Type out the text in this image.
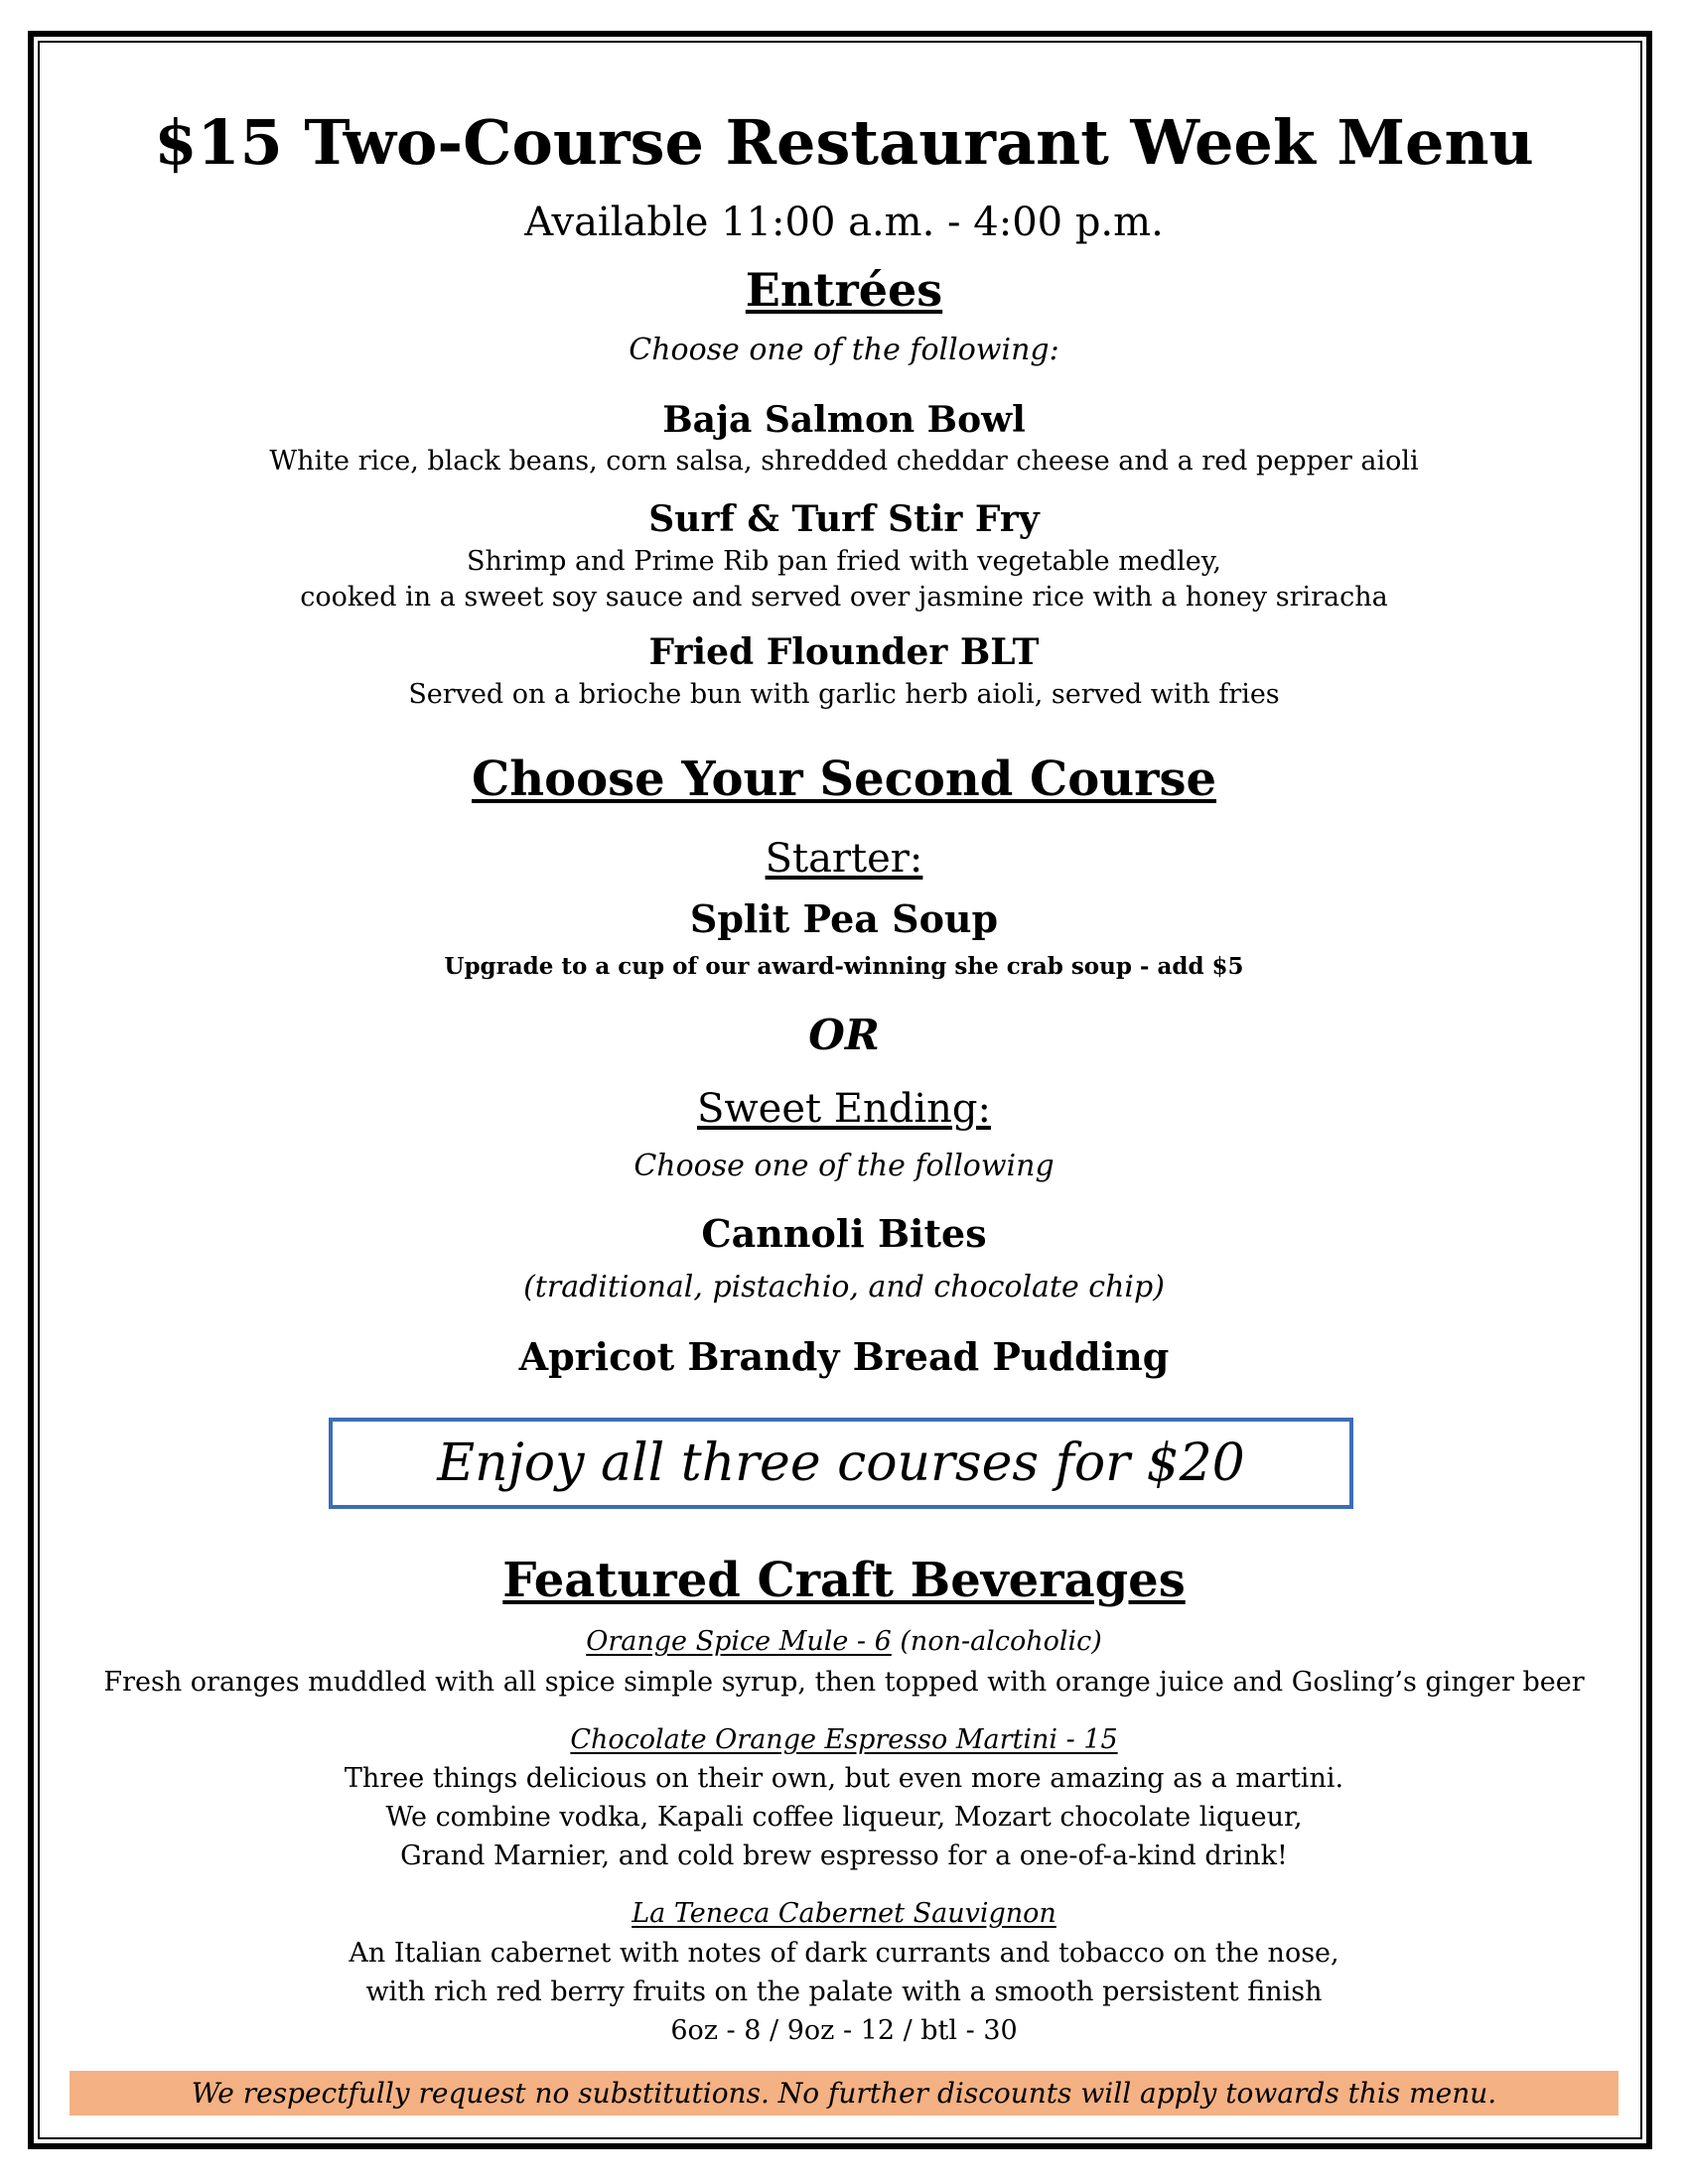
$15 Two-Course Restaurant Week Menu
Available 11:00 a.m. - 4:00 p.m.
Entrées
Choose one of the following:
Baja Salmon Bowl
White rice, black beans, corn salsa, shredded cheddar cheese and a red pepper aioli
Surf & Turf Stir Fry
Shrimp and Prime Rib pan fried with vegetable medley,
cooked in a sweet soy sauce and served over jasmine rice with a honey sriracha
Fried Flounder BLT
Served on a brioche bun with garlic herb aioli, served with fries
Choose Your Second Course
Starter:
Split Pea Soup
Upgrade to a cup of our award-winning she crab soup - add $5
OR
Sweet Ending:
Choose one of the following
Cannoli Bites
(traditional, pistachio, and chocolate chip)
Apricot Brandy Bread Pudding
Enjoy all three courses for $20
Featured Craft Beverages
Orange Spice Mule - 6 (non-alcoholic)
Fresh oranges muddled with all spice simple syrup, then topped with orange juice and Gosling’s ginger beer
Chocolate Orange Espresso Martini - 15
Three things delicious on their own, but even more amazing as a martini.
We combine vodka, Kapali coffee liqueur, Mozart chocolate liqueur,
Grand Marnier, and cold brew espresso for a one-of-a-kind drink!
La Teneca Cabernet Sauvignon
An Italian cabernet with notes of dark currants and tobacco on the nose,
with rich red berry fruits on the palate with a smooth persistent finish
6oz - 8 / 9oz - 12 / btl - 30
We respectfully request no substitutions. No further discounts will apply towards this menu.
